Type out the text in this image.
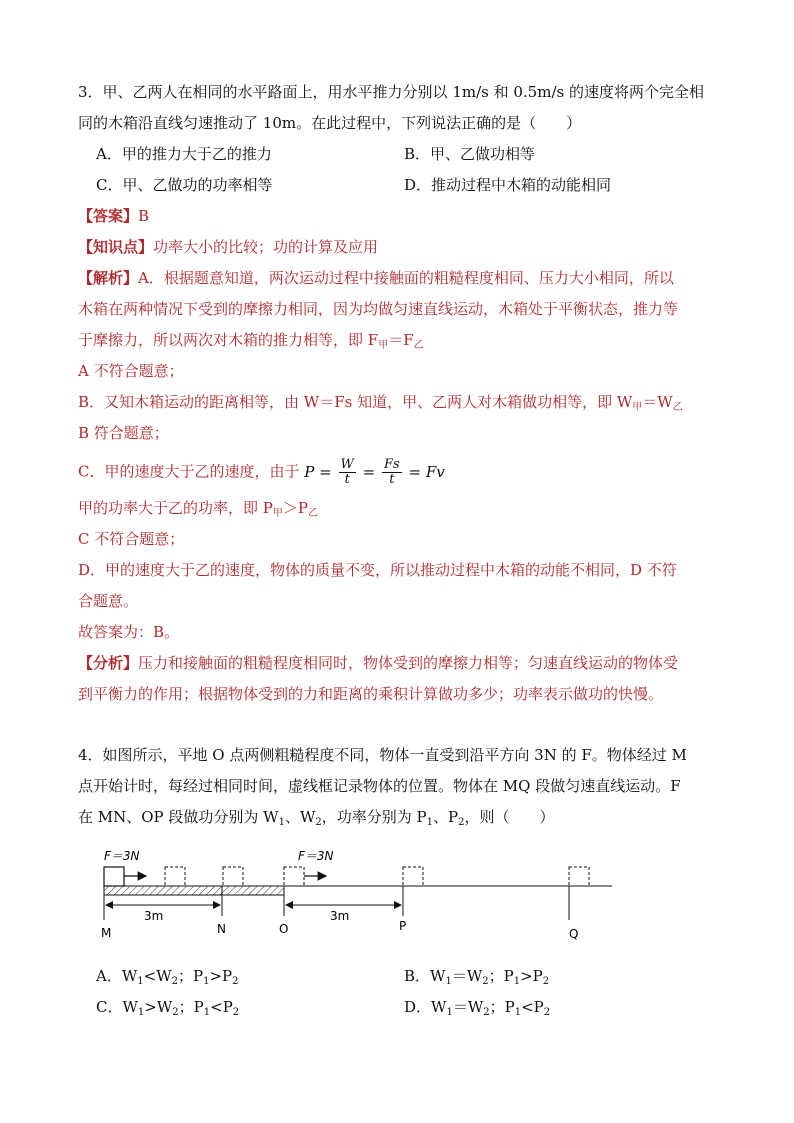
3．甲、乙两人在相同的水平路面上，用水平推力分别以 1m/s 和 0.5m/s 的速度将两个完全相
同的木箱沿直线匀速推动了 10m。在此过程中，下列说法正确的是（　　）
A．甲的推力大于乙的推力	B．甲、乙做功相等
C．甲、乙做功的功率相等	D．推动过程中木箱的动能相同
【答案】B
【知识点】功率大小的比较；功的计算及应用
【解析】A．根据题意知道，两次运动过程中接触面的粗糙程度相同、压力大小相同，所以
木箱在两种情况下受到的摩擦力相同，因为均做匀速直线运动，木箱处于平衡状态，推力等
于摩擦力，所以两次对木箱的推力相等，即 $F_甲=F_乙$
A 不符合题意；
B．又知木箱运动的距离相等，由 W＝Fs 知道，甲、乙两人对木箱做功相等，即 $W_甲=W_乙$
B 符合题意；
C．甲的速度大于乙的速度，由于 $P = \frac{W}{t} = \frac{Fs}{t} = Fv$
甲的功率大于乙的功率，即 $P_甲>P_乙$
C 不符合题意；
D．甲的速度大于乙的速度，物体的质量不变，所以推动过程中木箱的动能不相同，D 不符
合题意。
故答案为：B。
【分析】压力和接触面的粗糙程度相同时，物体受到的摩擦力相等；匀速直线运动的物体受
到平衡力的作用；根据物体受到的力和距离的乘积计算做功多少；功率表示做功的快慢。
4．如图所示，平地 O 点两侧粗糙程度不同，物体一直受到沿平方向 3N 的 F。物体经过 M
点开始计时，每经过相同时间，虚线框记录物体的位置。物体在 MQ 段做匀速直线运动。F
在 MN、OP 段做功分别为 $W_1$、$W_2$，功率分别为 $P_1$、$P_2$，则（　　）
F＝3N	F＝3N
3m	3m
M	N	O	P
Q
A．$W_1<W_2$；$P_1>P_2$	B．$W_1=W_2$；$P_1>P_2$
C．$W_1>W_2$；$P_1<P_2$	D．$W_1=W_2$；$P_1<P_2$
